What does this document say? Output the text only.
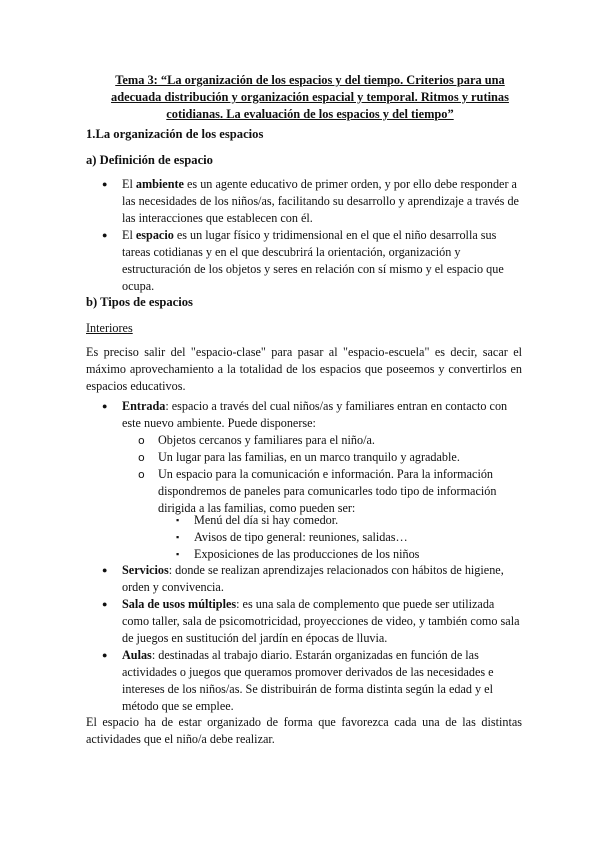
Tema 3: “La organización de los espacios y del tiempo. Criterios para una adecuada distribución y organización espacial y temporal. Ritmos y rutinas cotidianas. La evaluación de los espacios y del tiempo”
1.La organización de los espacios
a) Definición de espacio
● El ambiente es un agente educativo de primer orden, y por ello debe responder a las necesidades de los niños/as, facilitando su desarrollo y aprendizaje a través de las interacciones que establecen con él.
● El espacio es un lugar físico y tridimensional en el que el niño desarrolla sus tareas cotidianas y en el que descubrirá la orientación, organización y estructuración de los objetos y seres en relación con sí mismo y el espacio que ocupa.
b) Tipos de espacios
Interiores
Es preciso salir del "espacio-clase" para pasar al "espacio-escuela" es decir, sacar el máximo aprovechamiento a la totalidad de los espacios que poseemos y convertirlos en espacios educativos.
● Entrada: espacio a través del cual niños/as y familiares entran en contacto con este nuevo ambiente. Puede disponerse:
o Objetos cercanos y familiares para el niño/a.
o Un lugar para las familias, en un marco tranquilo y agradable.
o Un espacio para la comunicación e información. Para la información dispondremos de paneles para comunicarles todo tipo de información dirigida a las familias, como pueden ser:
▪ Menú del día si hay comedor.
▪ Avisos de tipo general: reuniones, salidas…
▪ Exposiciones de las producciones de los niños
● Servicios: donde se realizan aprendizajes relacionados con hábitos de higiene, orden y convivencia.
● Sala de usos múltiples: es una sala de complemento que puede ser utilizada como taller, sala de psicomotricidad, proyecciones de video, y también como sala de juegos en sustitución del jardín en épocas de lluvia.
● Aulas: destinadas al trabajo diario. Estarán organizadas en función de las actividades o juegos que queramos promover derivados de las necesidades e intereses de los niños/as. Se distribuirán de forma distinta según la edad y el método que se emplee.
El espacio ha de estar organizado de forma que favorezca cada una de las distintas actividades que el niño/a debe realizar.
